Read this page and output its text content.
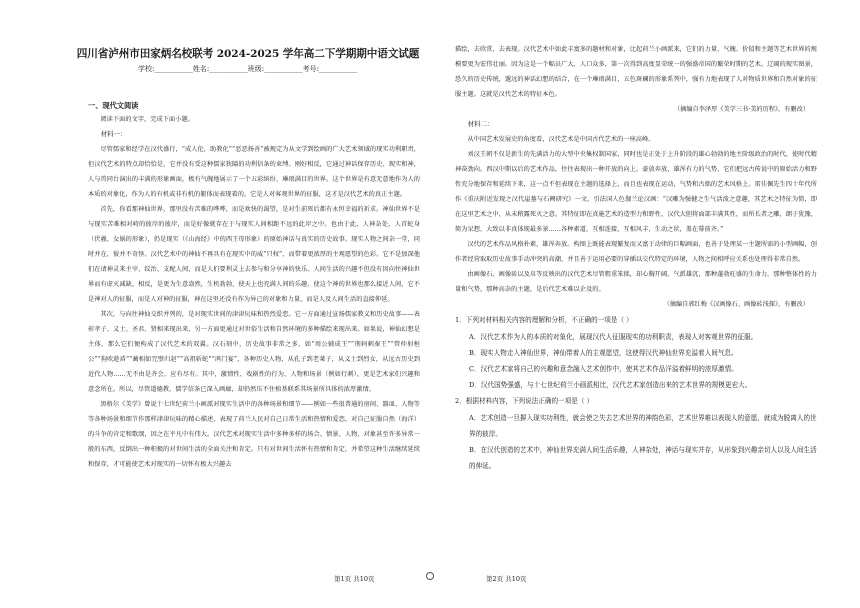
四川省泸州市田家炳名校联考 2024-2025 学年高二下学期期中语文试题
学校:___________姓名:___________班级:___________考号:___________
一、现代文阅读

阅读下面的文字，完成下面小题。

材料一：

尽管儒家和经学在汉代盛行，“成人伦，助教化”“恶恶扬善”被规定为从文学到绘画的广大艺术领域的现实功利职责，但汉代艺术的特点却恰恰是，它并没有受这种儒家狭隘的功利信条的束缚。刚好相反，它通过神话保存历史、现实和神，人与兽同台演出的丰满的形象画面，极有气魄地展示了一个五彩缤纷、琳琅满目的世界。这个世界是有意无意地作为人的本质的对象化，作为人的有机或非有机的躯体而表现着的。它是人对客观世界的征服，这才是汉代艺术的真正主题。

首先，你看那神仙世界，那里没有苦难的哗哗，而是欢快的渴望，是对生前死后都有永恒幸福的祈求。神仙世界不是与现实苦难相对峙的彼岸的彼岸，而是好像就存在于与现实人间相距不远的此岸之中。也由于此，人神杂处，人首蛇身（伏羲、女娲的形象），仍是现实（《山海经》中的西王母形象）的原始神话与真实的历史故事、现实人物之间杂一堂，同时并在，彼并不奇怪。汉代艺术中的神仙不再具有在现实中的威“只权”，而带着更浓厚的主观愿望的色彩。它不是加深他们在请神灵来主宰、纹治、支配人间，而是人们要利灵上去参与和分享神的快乐。人间生活的兴趣不但没有因向往神仙世界而有虚灭减缺，相反，是更为生意盎然，生机勃勃，使天上也充满人间的乐趣，使这个神的世界也那么接近人间，它不是神对人的征服，而是人对神的征服，神在这里还没有作为异己的对象和力量，而是人及人间生活的直接伸延。

其次，与向往神仙交织并列的，是对现实世间的津津玩味和热烈爱恋。它一方面通过宣扬儒家教义和历史故事——表彰孝子、义士、圣君、贤相来现出来，另一方面更通过对世俗生活和自然环境的多种描绘来现出来。如果说，神仙幻想是主体，那么它们便构成了汉代艺术的双翼。汉石刻中，历史故事非常之多，如“周公辅成王”“荆轲刺秦王”“管仲射桓公”“狗吹趁盾”“蔺相如完璧归赵”“高祖斩蛇”“鸿门宴”，各种历史人物，从孔子到老莱子，从义士到烈女，从远古历史到近代人物……无不由是齐会，应有尽有。其中，激情性、戏剧性的行为、人物和场景（例如行刺），更是艺术家们兴趣和意念所在。所以，尽管道德教、儒学信条已深入画廊，却仍然压不住植基联系其场景所具体的浓厚激情。

黑格尔《美学》曾说十七世纪荷兰小画派对现实生活中的各种场景和细节——例如一些很普通的房间、器皿、人物等等各种场景和细节作那样津津玩味的精心描述，表现了荷兰人民对自己日常生活和热情和爱恋，对自己征服自然（海洋）的斗争的肯定和歌颂，因之在平凡中有伟大。汉代艺术对现实生活中多种多样的场合、情景、人物、对象甚至许多异常一般的东西，反倒出一种积极的对世间生活的全面关注和肯定。只有对世间生活怀有热情和肯定，并希望这种生活继续延续和保存，才可能使艺术对现实的一切怀有极大兴趣去

描绘，去欣赏，去表现。汉代艺术中如此丰富多的题材和对象，比起荷兰小画派来，它们的力量、气魄、价值和主题等艺术世界的规模要更为宏伟壮丽。因为这是一个幅员广大，人口众多，第一次得到高度显荣统一的强盛帝国的繁荣时期的艺术。辽阔的现实图景，恐久的历史传统，邈远的神话幻想的结合，在一个琳琅满目，五色斑斓的形象系列中，强有力地表现了人对物质世界和自然对象的征服主题。这就是汉代艺术的特征本色。

（摘编自李泽厚《美学三书·美的历程》，有删改）

材料二：

从中国艺术发展史的角度看，汉代艺术是中国古代艺术的一座高峰。

刘汉王朝不仅是新生的先满活力的大型中央集权制国家，同时也是正处于上升阶段的雄心勃勃的地主阶级政治的时代，使时代精神奋劲向。西汉中期以后的艺术作品，往往表现出一种开放的向上，豪放奔放，雄浑有力的气势，它们把远古传说中的原始活力和野性充分地保存和延续下来，这一点不但表现在主题的选择上，而且也表现在运动，气势和古拙的艺术风格上。雷佳佩先生四十年代所作《重庆附近发现之汉代崖墓与石阙研究》一文，引法国人色伽兰论汉画：“汉雕为强健之生气活泼之意趣，其艺术之特征为简，即在这里艺术之中，从未稍露死灭之意。其特征即在真施艺术的造型力和野性，汉代大胆将面部丰满其性，而所长者之雕，朗于犹豫，简为呆想，大致以非真体现最多景……各种素道，互相连接，互相风丰，生动之状，盖在幕前齐。”

汉代的艺术作品风格朴素，雄浑奔放。构图上既能表现繁复而又富于动律的巨幅画面，也善于处理某一主题所需的小型画幅，创作者经营取取历史故事手动冲突的高潮，并且善于运用必要的穿插以交代特定的环境，人物之间相呼应关系也处理得非常自然。

由画像石、画像砖以及帛等反映出的汉代艺术尽管粗重笨拙，却心胸开阔，气派雄沉，那种蓬勃旺盛的生命力，那种整体性的力量和气势，那种高杂的主题，是后代艺术难以企及的。

（摘编自郭红梅《汉画像石、画像砖浅探》，有删改）

1．下列对材料相关内容的理解和分析，不正确的一项是（ ）

A．汉代艺术作为人的本质的对象化，展现汉代人征服现实的功利职责，表现人对客观世界的征服。

B．现实人物走入神仙世界，神仙带着人的主观愿望，这使得汉代神仙世界充溢着人间气息。

C．汉代艺术家将自己的兴趣和意念融入艺术创作中，使其艺术作品洋溢着鲜明的浓厚激情。

D．汉代国势强盛，与十七世纪荷兰小画派相比，汉代艺术家创造出来的艺术世界的规模更宏大。

2．根据材料内容，下列说法正确的一项是（ ）

A．艺术创造一旦摒入现实功利性，就会使之失去艺术世界的神韵色彩，艺术世界难以表现人的意愿，就成为脱离人的世界的彼岸。

B．在汉代创造的艺术中，神仙世界充满人间生活乐趣，人神杂处，神话与现实并存，从形象到兴趣亲切人以及人间生活的伸延。

第1页 共10页	第2页 共10页
